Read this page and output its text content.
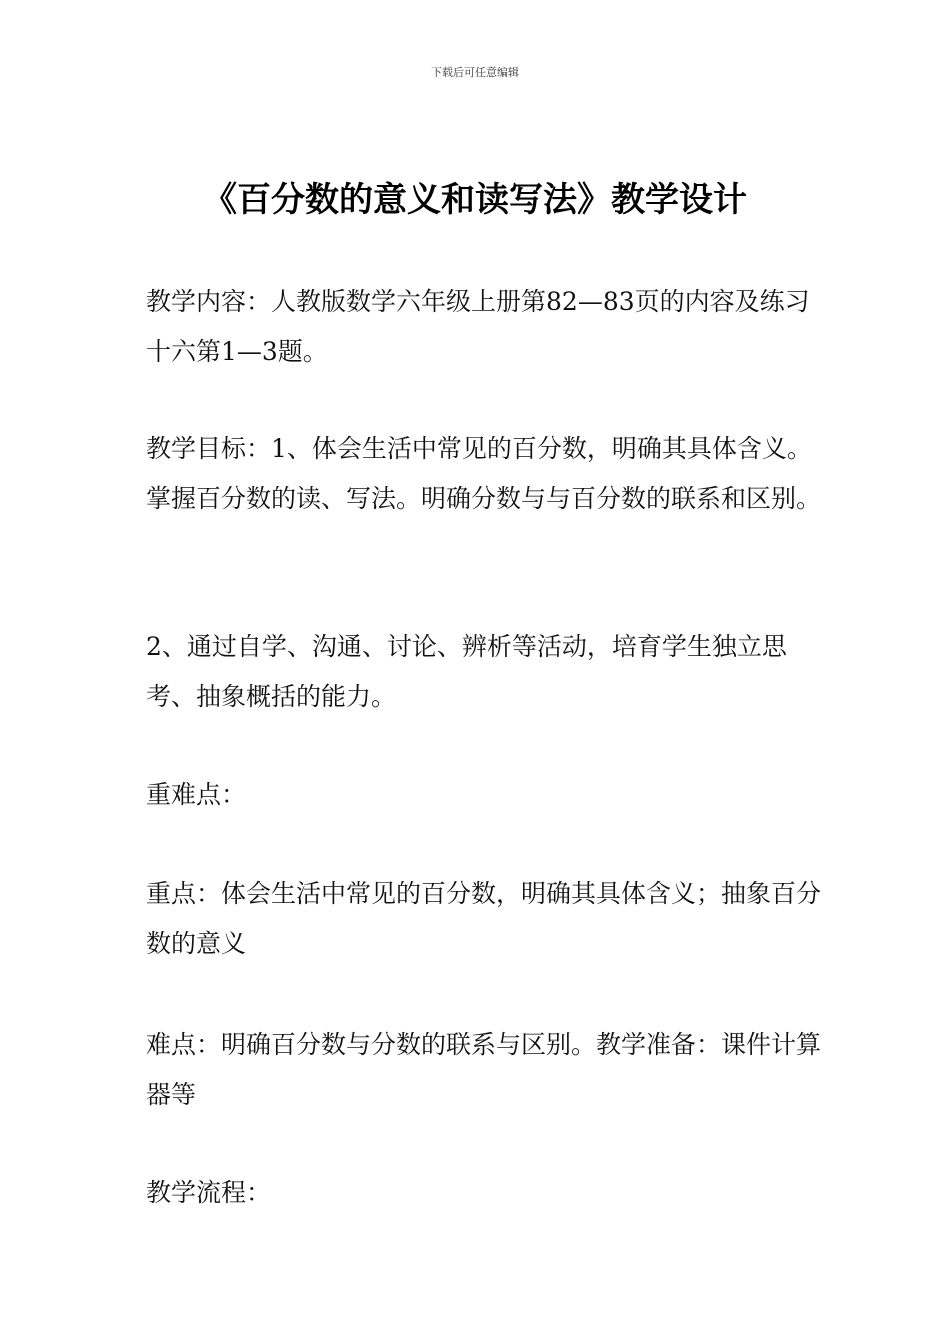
下载后可任意编辑
《百分数的意义和读写法》教学设计

教学内容：人教版数学六年级上册第82—83页的内容及练习十六第1—3题。

教学目标：1、体会生活中常见的百分数，明确其具体含义。掌握百分数的读、写法。明确分数与与百分数的联系和区别。

2、通过自学、沟通、讨论、辨析等活动，培育学生独立思考、抽象概括的能力。

重难点：

重点：体会生活中常见的百分数，明确其具体含义；抽象百分数的意义

难点：明确百分数与分数的联系与区别。教学准备：课件计算器等

教学流程：
